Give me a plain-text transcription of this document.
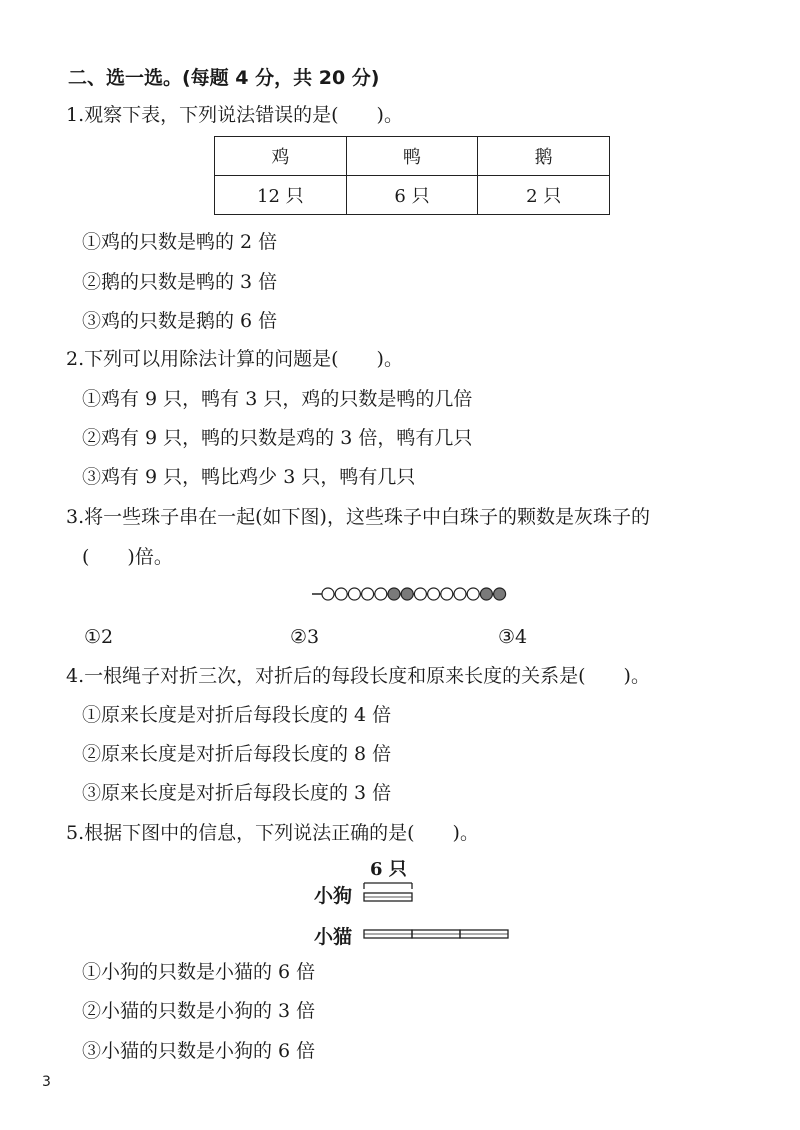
二、选一选。(每题 4 分，共 20 分)
1.观察下表，下列说法错误的是(　　)。
鸡	鸭	鹅
12 只	6 只	2 只
①鸡的只数是鸭的 2 倍
②鹅的只数是鸭的 3 倍
③鸡的只数是鹅的 6 倍
2.下列可以用除法计算的问题是(　　)。
①鸡有 9 只，鸭有 3 只，鸡的只数是鸭的几倍
②鸡有 9 只，鸭的只数是鸡的 3 倍，鸭有几只
③鸡有 9 只，鸭比鸡少 3 只，鸭有几只
3.将一些珠子串在一起(如下图)，这些珠子中白珠子的颗数是灰珠子的
(　　)倍。
①2	②3	③4
4.一根绳子对折三次，对折后的每段长度和原来长度的关系是(　　)。
①原来长度是对折后每段长度的 4 倍
②原来长度是对折后每段长度的 8 倍
③原来长度是对折后每段长度的 3 倍
5.根据下图中的信息，下列说法正确的是(　　)。
6 只
小狗
小猫
①小狗的只数是小猫的 6 倍
②小猫的只数是小狗的 3 倍
③小猫的只数是小狗的 6 倍
3
